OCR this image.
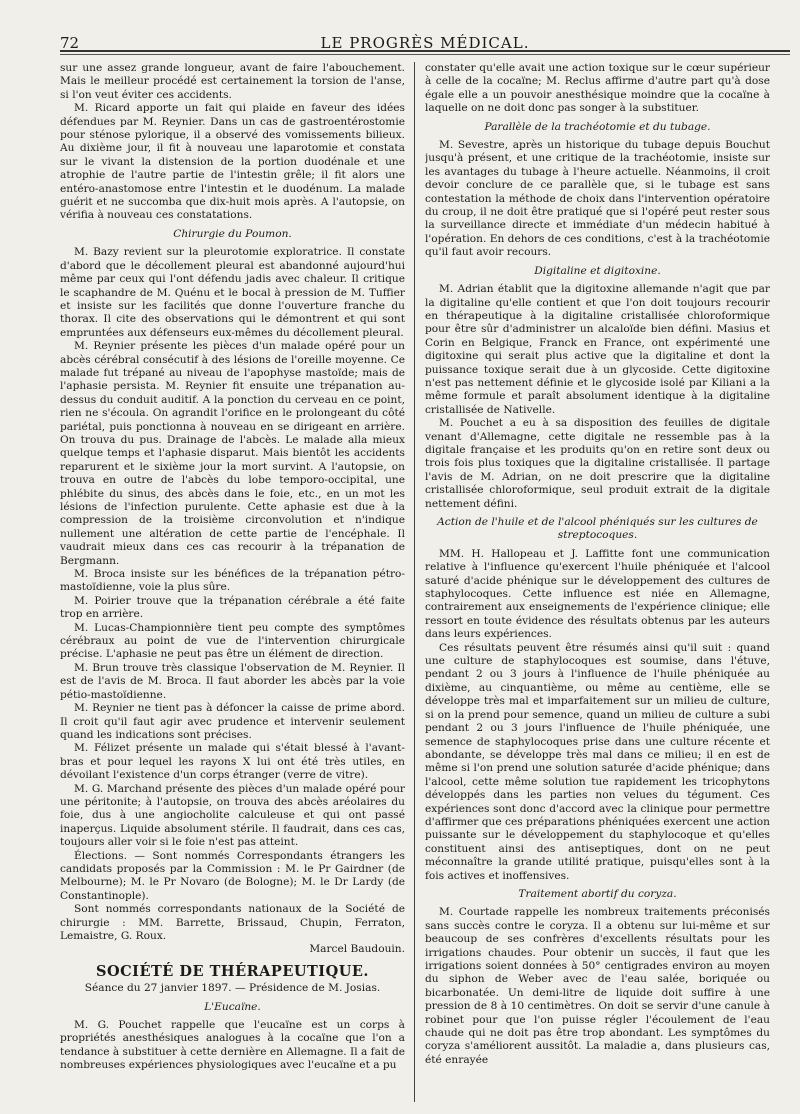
72	LE PROGRÈS MÉDICAL.

sur une assez grande longueur, avant de faire l'abouchement. Mais le meilleur procédé est certainement la torsion de l'anse, si l'on veut éviter ces accidents.

M. Ricard apporte un fait qui plaide en faveur des idées défendues par M. Reynier. Dans un cas de gastroentérostomie pour sténose pylorique, il a observé des vomissements bilieux. Au dixième jour, il fit à nouveau une laparotomie et constata sur le vivant la distension de la portion duodénale et une atrophie de l'autre partie de l'intestin grêle; il fit alors une entéro-anastomose entre l'intestin et le duodénum. La malade guérit et ne succomba que dix-huit mois après. A l'autopsie, on vérifia à nouveau ces constatations.

Chirurgie du Poumon.

M. Bazy revient sur la pleurotomie exploratrice. Il constate d'abord que le décollement pleural est abandonné aujourd'hui même par ceux qui l'ont défendu jadis avec chaleur. Il critique le scaphandre de M. Quénu et le bocal à pression de M. Tuffier et insiste sur les facilités que donne l'ouverture franche du thorax. Il cite des observations qui le démontrent et qui sont empruntées aux défenseurs eux-mêmes du décollement pleural.

M. Reynier présente les pièces d'un malade opéré pour un abcès cérébral consécutif à des lésions de l'oreille moyenne. Ce malade fut trépané au niveau de l'apophyse mastoïde; mais de l'aphasie persista. M. Reynier fit ensuite une trépanation au-dessus du conduit auditif. A la ponction du cerveau en ce point, rien ne s'écoula. On agrandit l'orifice en le prolongeant du côté pariétal, puis ponctionna à nouveau en se dirigeant en arrière. On trouva du pus. Drainage de l'abcès. Le malade alla mieux quelque temps et l'aphasie disparut. Mais bientôt les accidents reparurent et le sixième jour la mort survint. A l'autopsie, on trouva en outre de l'abcès du lobe temporo-occipital, une phlébite du sinus, des abcès dans le foie, etc., en un mot les lésions de l'infection purulente. Cette aphasie est due à la compression de la troisième circonvolution et n'indique nullement une altération de cette partie de l'encéphale. Il vaudrait mieux dans ces cas recourir à la trépanation de Bergmann.

M. Broca insiste sur les bénéfices de la trépanation pétro-mastoïdienne, voie la plus sûre.

M. Poirier trouve que la trépanation cérébrale a été faite trop en arrière.

M. Lucas-Championnière tient peu compte des symptômes cérébraux au point de vue de l'intervention chirurgicale précise. L'aphasie ne peut pas être un élément de direction.

M. Brun trouve très classique l'observation de M. Reynier. Il est de l'avis de M. Broca. Il faut aborder les abcès par la voie pétio-mastoïdienne.

M. Reynier ne tient pas à défoncer la caisse de prime abord. Il croit qu'il faut agir avec prudence et intervenir seulement quand les indications sont précises.

M. Félizet présente un malade qui s'était blessé à l'avant-bras et pour lequel les rayons X lui ont été très utiles, en dévoilant l'existence d'un corps étranger (verre de vitre).

M. G. Marchand présente des pièces d'un malade opéré pour une péritonite; à l'autopsie, on trouva des abcès aréolaires du foie, dus à une angiocholite calculeuse et qui ont passé inaperçus. Liquide absolument stérile. Il faudrait, dans ces cas, toujours aller voir si le foie n'est pas atteint.

Élections. — Sont nommés Correspondants étrangers les candidats proposés par la Commission : M. le Pr Gairdner (de Melbourne); M. le Pr Novaro (de Bologne); M. le Dr Lardy (de Constantinople).

Sont nommés correspondants nationaux de la Société de chirurgie : MM. Barrette, Brissaud, Chupin, Ferraton, Lemaistre, G. Roux.

Marcel Baudouin.
SOCIÉTÉ DE THÉRAPEUTIQUE.
Séance du 27 janvier 1897. — Présidence de M. Josias.
L'Eucaïne.

M. G. Pouchet rappelle que l'eucaïne est un corps à propriétés anesthésiques analogues à la cocaïne que l'on a tendance à substituer à cette dernière en Allemagne. Il a fait de nombreuses expériences physiologiques avec l'eucaïne et a pu

constater qu'elle avait une action toxique sur le cœur supérieur à celle de la cocaïne; M. Reclus affirme d'autre part qu'à dose égale elle a un pouvoir anesthésique moindre que la cocaïne à laquelle on ne doit donc pas songer à la substituer.

Parallèle de la trachéotomie et du tubage.

M. Sevestre, après un historique du tubage depuis Bouchut jusqu'à présent, et une critique de la trachéotomie, insiste sur les avantages du tubage à l'heure actuelle. Néanmoins, il croit devoir conclure de ce parallèle que, si le tubage est sans contestation la méthode de choix dans l'intervention opératoire du croup, il ne doit être pratiqué que si l'opéré peut rester sous la surveillance directe et immédiate d'un médecin habitué à l'opération. En dehors de ces conditions, c'est à la trachéotomie qu'il faut avoir recours.

Digitaline et digitoxine.

M. Adrian établit que la digitoxine allemande n'agit que par la digitaline qu'elle contient et que l'on doit toujours recourir en thérapeutique à la digitaline cristallisée chloroformique pour être sûr d'administrer un alcaloïde bien défini. Masius et Corin en Belgique, Franck en France, ont expérimenté une digitoxine qui serait plus active que la digitaline et dont la puissance toxique serait due à un glycoside. Cette digitoxine n'est pas nettement définie et le glycoside isolé par Kiliani a la même formule et paraît absolument identique à la digitaline cristallisée de Nativelle.

M. Pouchet a eu à sa disposition des feuilles de digitale venant d'Allemagne, cette digitale ne ressemble pas à la digitale française et les produits qu'on en retire sont deux ou trois fois plus toxiques que la digitaline cristallisée. Il partage l'avis de M. Adrian, on ne doit prescrire que la digitaline cristallisée chloroformique, seul produit extrait de la digitale nettement défini.

Action de l'huile et de l'alcool phéniqués sur les cultures de streptocoques.

MM. H. Hallopeau et J. Laffitte font une communication relative à l'influence qu'exercent l'huile phéniquée et l'alcool saturé d'acide phénique sur le développement des cultures de staphylocoques. Cette influence est niée en Allemagne, contrairement aux enseignements de l'expérience clinique; elle ressort en toute évidence des résultats obtenus par les auteurs dans leurs expériences.

Ces résultats peuvent être résumés ainsi qu'il suit : quand une culture de staphylocoques est soumise, dans l'étuve, pendant 2 ou 3 jours à l'influence de l'huile phéniquée au dixième, au cinquantième, ou même au centième, elle se développe très mal et imparfaitement sur un milieu de culture, si on la prend pour semence, quand un milieu de culture a subi pendant 2 ou 3 jours l'influence de l'huile phéniquée, une semence de staphylocoques prise dans une culture récente et abondante, se développe très mal dans ce milieu; il en est de même si l'on prend une solution saturée d'acide phénique; dans l'alcool, cette même solution tue rapidement les tricophytons développés dans les parties non velues du tégument. Ces expériences sont donc d'accord avec la clinique pour permettre d'affirmer que ces préparations phéniquées exercent une action puissante sur le développement du staphylocoque et qu'elles constituent ainsi des antiseptiques, dont on ne peut méconnaître la grande utilité pratique, puisqu'elles sont à la fois actives et inoffensives.

Traitement abortif du coryza.

M. Courtade rappelle les nombreux traitements préconisés sans succès contre le coryza. Il a obtenu sur lui-même et sur beaucoup de ses confrères d'excellents résultats pour les irrigations chaudes. Pour obtenir un succès, il faut que les irrigations soient données à 50° centigrades environ au moyen du siphon de Weber avec de l'eau salée, boriquée ou bicarbonatée. Un demi-litre de liquide doit suffire à une pression de 8 à 10 centimètres. On doit se servir d'une canule à robinet pour que l'on puisse régler l'écoulement de l'eau chaude qui ne doit pas être trop abondant. Les symptômes du coryza s'améliorent aussitôt. La maladie a, dans plusieurs cas, été enrayée
